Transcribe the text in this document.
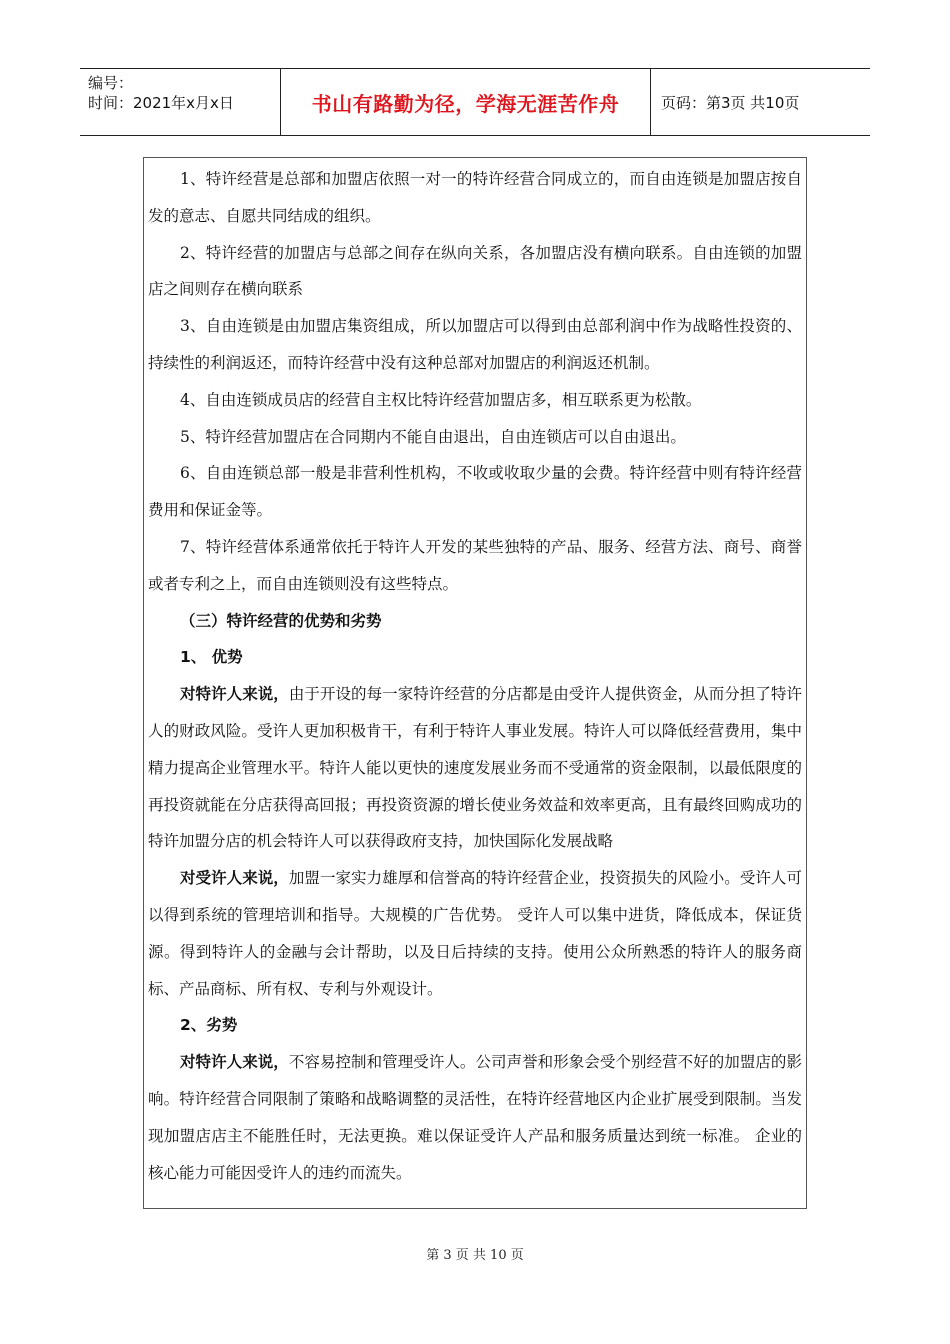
编号：
时间：2021年x月x日	书山有路勤为径，学海无涯苦作舟	页码：第3页 共10页

1、特许经营是总部和加盟店依照一对一的特许经营合同成立的，而自由连锁是加盟店按自发的意志、自愿共同结成的组织。

2、特许经营的加盟店与总部之间存在纵向关系，各加盟店没有横向联系。自由连锁的加盟店之间则存在横向联系

3、自由连锁是由加盟店集资组成，所以加盟店可以得到由总部利润中作为战略性投资的、持续性的利润返还，而特许经营中没有这种总部对加盟店的利润返还机制。

4、自由连锁成员店的经营自主权比特许经营加盟店多，相互联系更为松散。

5、特许经营加盟店在合同期内不能自由退出，自由连锁店可以自由退出。

6、自由连锁总部一般是非营利性机构，不收或收取少量的会费。特许经营中则有特许经营费用和保证金等。

7、特许经营体系通常依托于特许人开发的某些独特的产品、服务、经营方法、商号、商誉或者专利之上，而自由连锁则没有这些特点。

（三）特许经营的优势和劣势

1、 优势

对特许人来说，由于开设的每一家特许经营的分店都是由受许人提供资金，从而分担了特许人的财政风险。受许人更加积极肯干，有利于特许人事业发展。特许人可以降低经营费用，集中精力提高企业管理水平。特许人能以更快的速度发展业务而不受通常的资金限制，以最低限度的再投资就能在分店获得高回报；再投资资源的增长使业务效益和效率更高，且有最终回购成功的特许加盟分店的机会特许人可以获得政府支持，加快国际化发展战略

对受许人来说，加盟一家实力雄厚和信誉高的特许经营企业，投资损失的风险小。受许人可以得到系统的管理培训和指导。大规模的广告优势。 受许人可以集中进货，降低成本，保证货源。得到特许人的金融与会计帮助，以及日后持续的支持。使用公众所熟悉的特许人的服务商标、产品商标、所有权、专利与外观设计。

2、劣势

对特许人来说，不容易控制和管理受许人。公司声誉和形象会受个别经营不好的加盟店的影响。特许经营合同限制了策略和战略调整的灵活性，在特许经营地区内企业扩展受到限制。当发现加盟店店主不能胜任时，无法更换。难以保证受许人产品和服务质量达到统一标准。 企业的核心能力可能因受许人的违约而流失。

第 3 页 共 10 页
